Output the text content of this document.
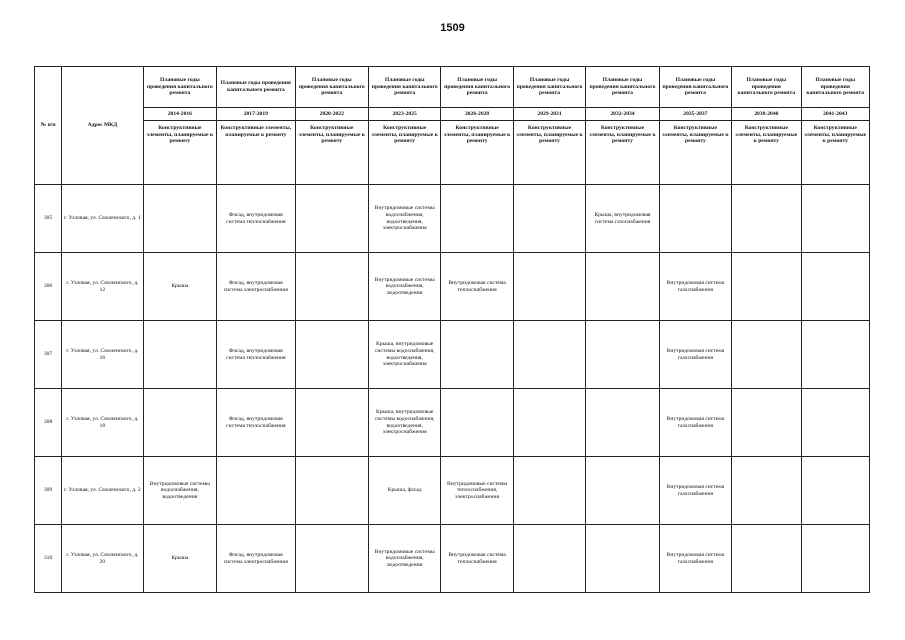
1509
№ п/п	Адрес МКД	Плановые годы проведения капитального ремонта	Плановые годы проведения капитального ремонта	Плановые годы проведения капитального ремонта	Плановые годы проведения капитального ремонта	Плановые годы проведения капитального ремонта	Плановые годы проведения капитального ремонта	Плановые годы проведения капитального ремонта	Плановые годы проведения капитального ремонта	Плановые годы проведения капитального ремонта	Плановые годы проведения капитального ремонта
		2014-2016	2017-2019	2020-2022	2023-2025	2026-2028	2029-2031	2032-2034	2035-2037	2038-2040	2041-2043
		Конструктивные элементы, планируемые к ремонту	Конструктивные элементы, планируемые к ремонту	Конструктивные элементы, планируемые к ремонту	Конструктивные элементы, планируемые к ремонту	Конструктивные элементы, планируемые к ремонту	Конструктивные элементы, планируемые к ремонту	Конструктивные элементы, планируемые к ремонту	Конструктивные элементы, планируемые к ремонту	Конструктивные элементы, планируемые к ремонту	Конструктивные элементы, планируемые к ремонту
305	г. Узловая, ул. Смоленского, д. 1		Фасад, внутридомовая система теплоснабжения		Внутридомовые системы водоснабжения, водоотведения, электроснабжения			Крыша, внутридомовая система газоснабжения			
306	г. Узловая, ул. Смоленского, д. 12	Крыша	Фасад, внутридомовая система электроснабжения		Внутридомовые системы водоснабжения, водоотведения	Внутридомовая система теплоснабжения			Внутридомовая система газоснабжения		
307	г. Узловая, ул. Смоленского, д. 16		Фасад, внутридомовая система теплоснабжения		Крыша, внутридомовые системы водоснабжения, водоотведения, электроснабжения				Внутридомовая система газоснабжения		
308	г. Узловая, ул. Смоленского, д. 18		Фасад, внутридомовая система теплоснабжения		Крыша, внутридомовые системы водоснабжения, водоотведения, электроснабжения				Внутридомовая система газоснабжения		
309	г. Узловая, ул. Смоленского, д. 2	Внутридомовые системы водоснабжения, водоотведения			Крыша, фасад	Внутридомовые системы теплоснабжения, электроснабжения			Внутридомовая система газоснабжения		
310	г. Узловая, ул. Смоленского, д. 20	Крыша	Фасад, внутридомовая система электроснабжения		Внутридомовые системы водоснабжения, водоотведения	Внутридомовая система теплоснабжения			Внутридомовая система газоснабжения		
